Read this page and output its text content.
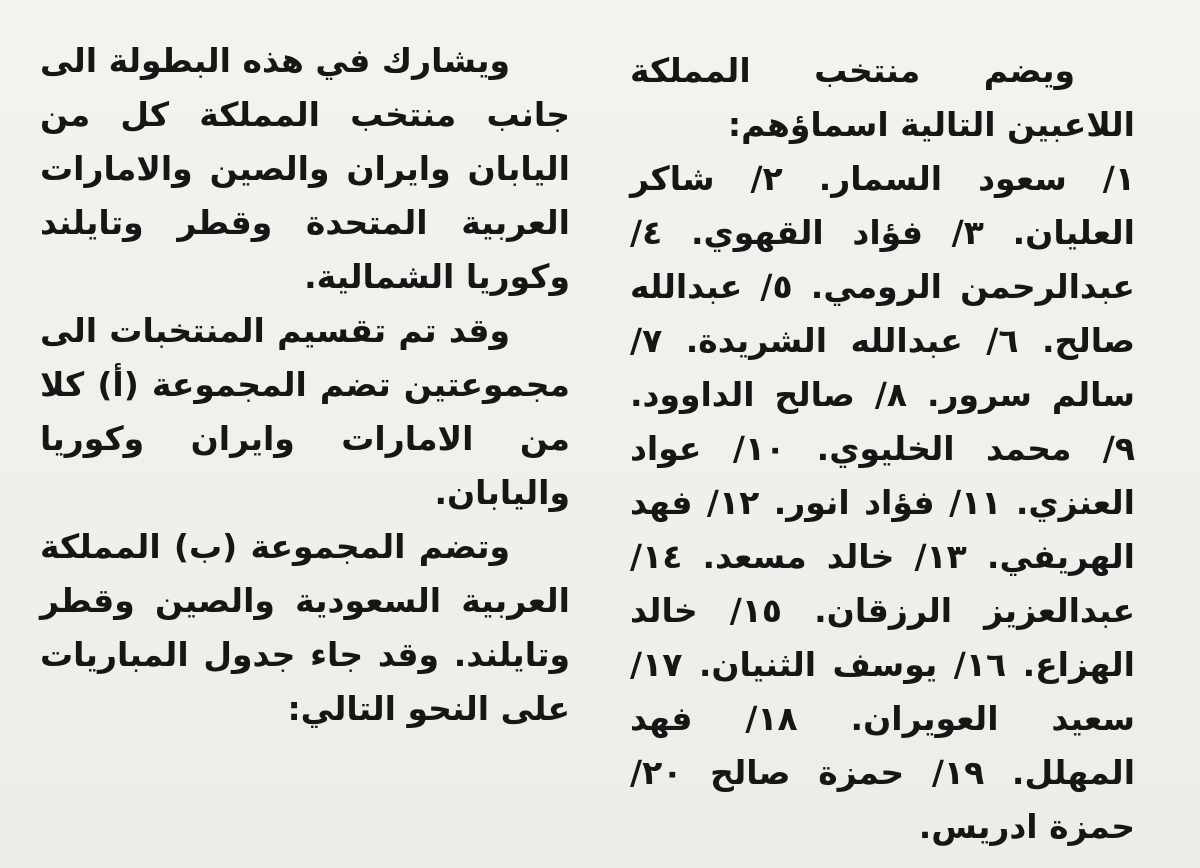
ويضم منتخب المملكة اللاعبين التالية اسماؤهم:

١/ سعود السمار. ٢/ شاكر العليان. ٣/ فؤاد القهوي. ٤/ عبدالرحمن الرومي. ٥/ عبدالله صالح. ٦/ عبدالله الشريدة. ٧/ سالم سرور. ٨/ صالح الداوود. ٩/ محمد الخليوي. ١٠/ عواد العنزي. ١١/ فؤاد انور. ١٢/ فهد الهريفي. ١٣/ خالد مسعد. ١٤/ عبدالعزيز الرزقان. ١٥/ خالد الهزاع. ١٦/ يوسف الثنيان. ١٧/ سعيد العويران. ١٨/ فهد المهلل. ١٩/ حمزة صالح ٢٠/ حمزة ادريس.

ويشارك في هذه البطولة الى جانب منتخب المملكة كل من اليابان وايران والصين والامارات العربية المتحدة وقطر وتايلند وكوريا الشمالية.

وقد تم تقسيم المنتخبات الى مجموعتين تضم المجموعة (أ) كلا من الامارات وايران وكوريا واليابان.

وتضم المجموعة (ب) المملكة العربية السعودية والصين وقطر وتايلند. وقد جاء جدول المباريات على النحو التالي:
